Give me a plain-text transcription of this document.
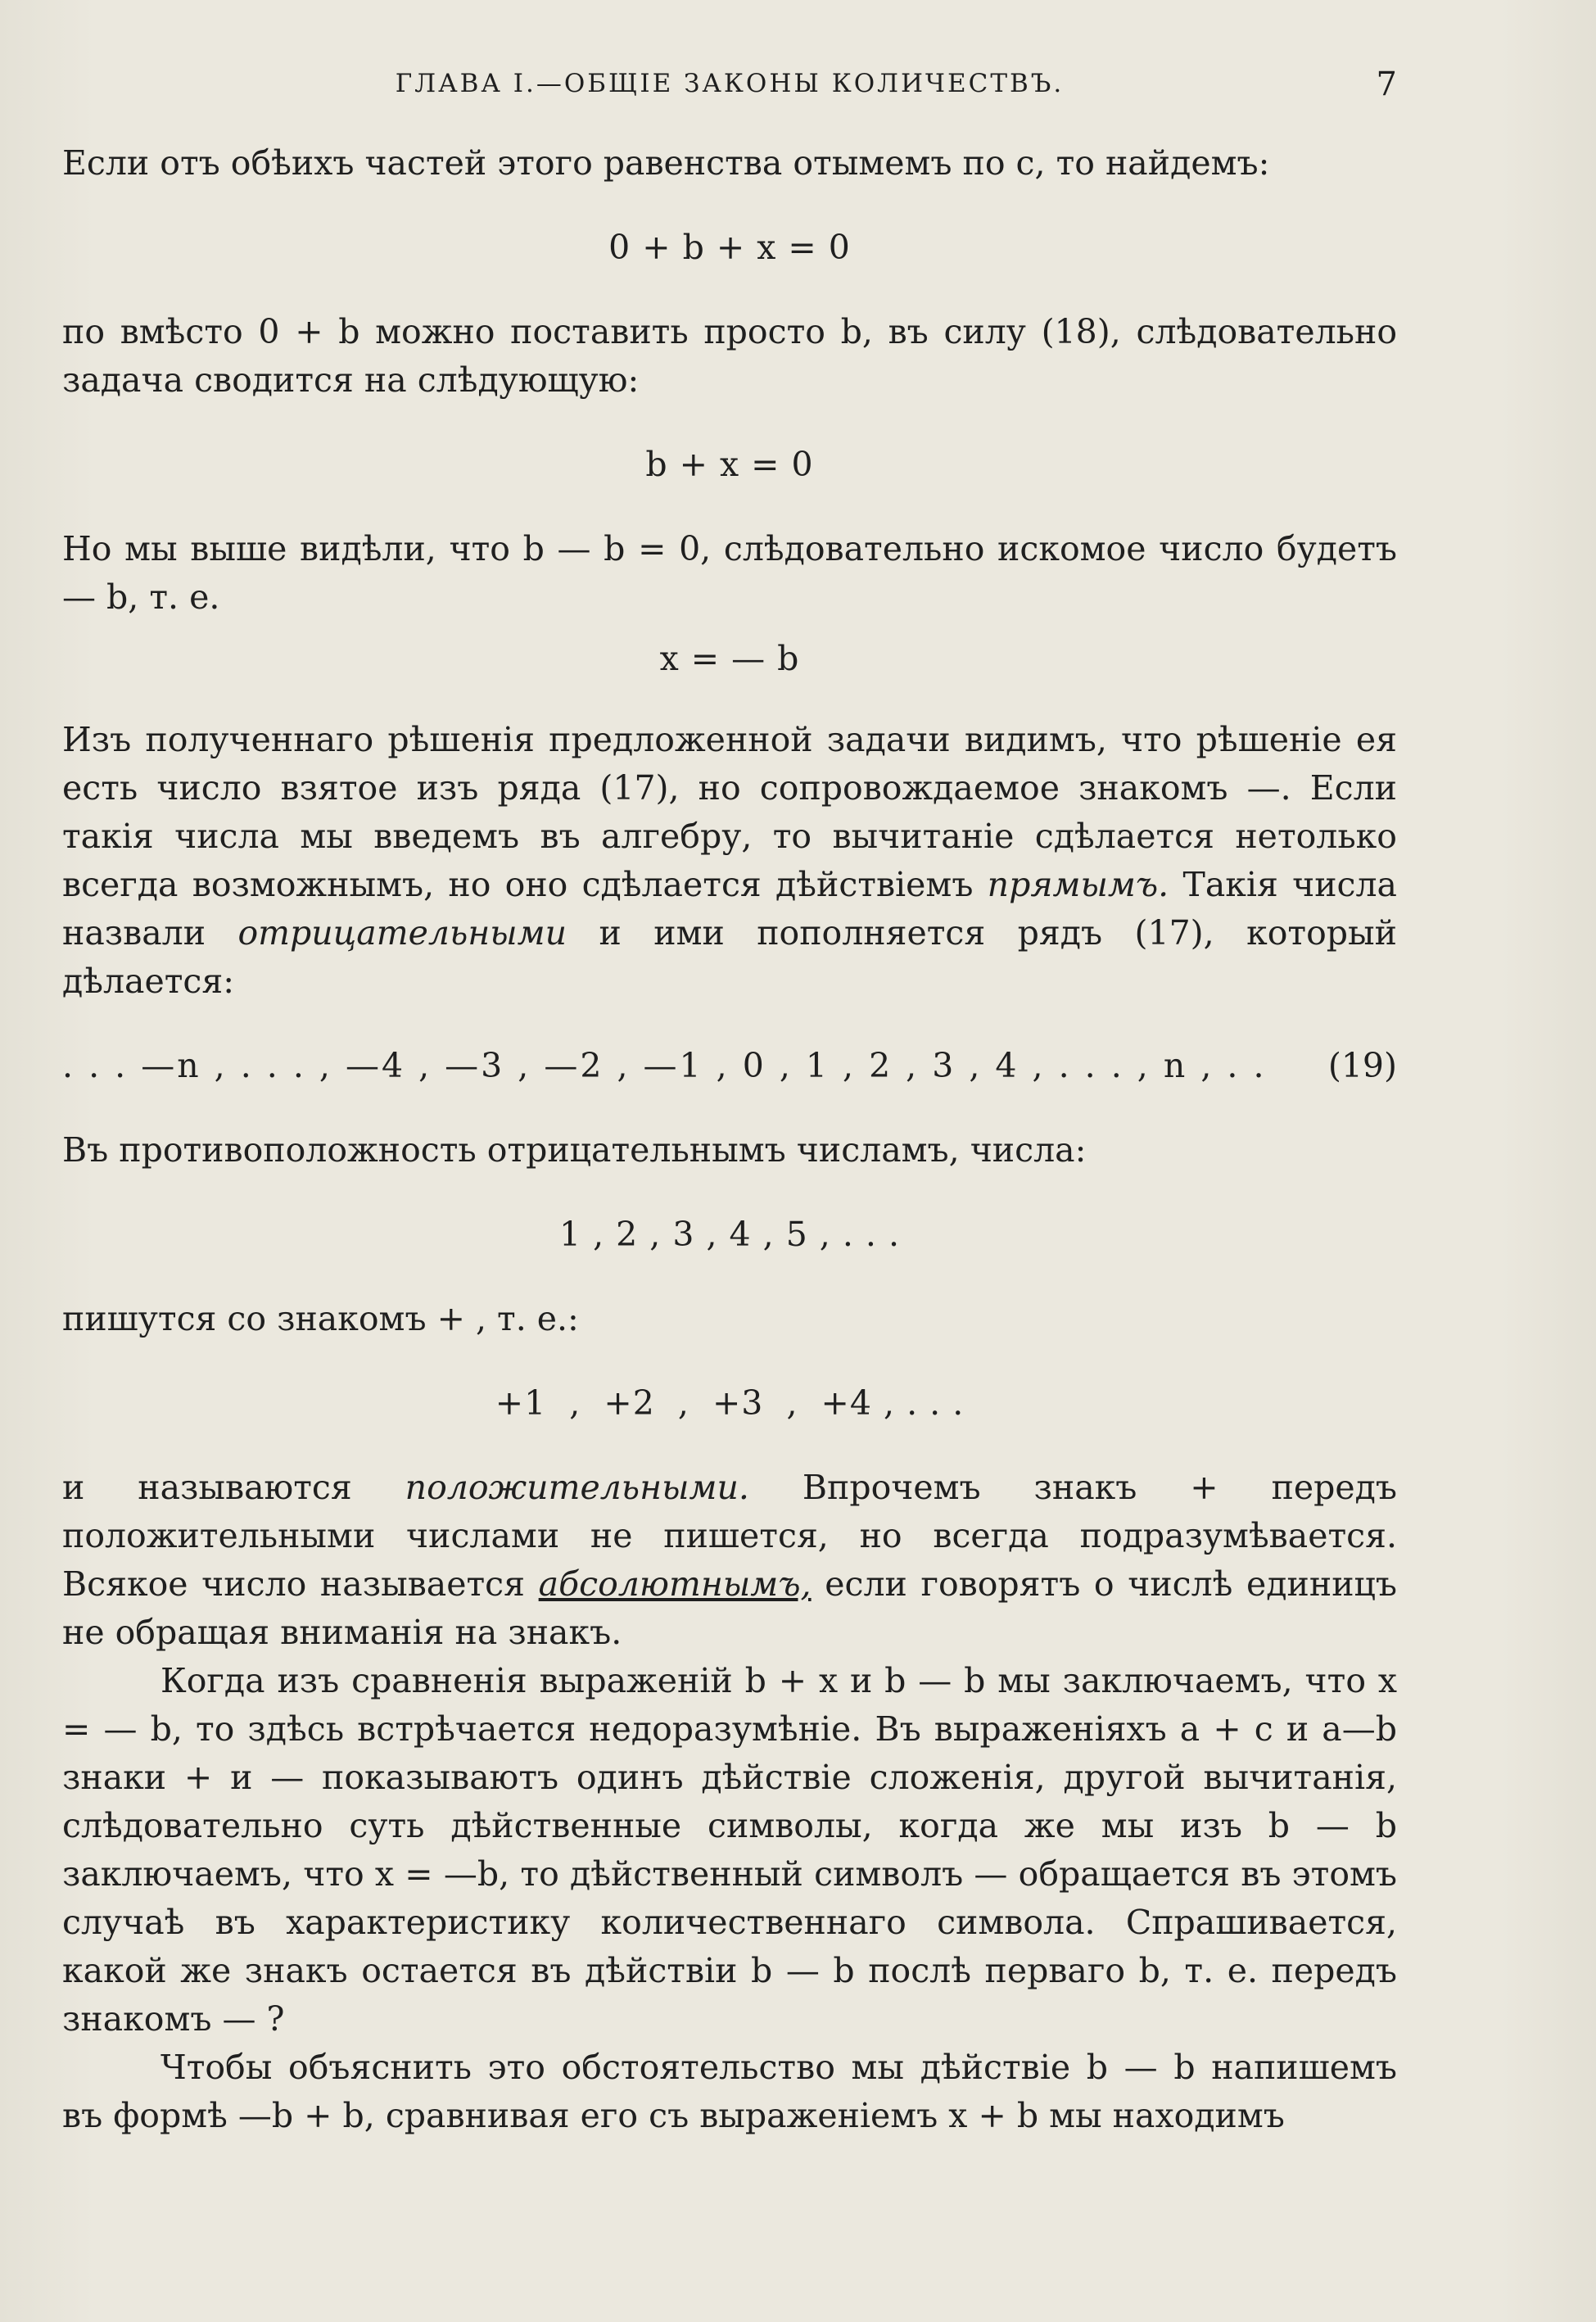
ГЛАВА I.—ОБЩІЕ ЗАКОНЫ КОЛИЧЕСТВЪ.	7

Если отъ обѣихъ частей этого равенства отымемъ по c, то найдемъ:

0 + b + x = 0

по вмѣсто 0 + b можно поставить просто b, въ силу (18), слѣдовательно задача сводится на слѣдующую:

b + x = 0

Но мы выше видѣли, что b — b = 0, слѣдовательно искомое число будетъ — b, т. е.

x = — b

Изъ полученнаго рѣшенія предложенной задачи видимъ, что рѣшеніе ея есть число взятое изъ ряда (17), но сопровождаемое знакомъ —. Если такія числа мы введемъ въ алгебру, то вычитаніе сдѣлается нетолько всегда возможнымъ, но оно сдѣлается дѣйствіемъ прямымъ. Такія числа назвали отрицательными и ими пополняется рядъ (17), который дѣлается:

. . . —n , . . . , —4 , —3 , —2 , —1 , 0 , 1 , 2 , 3 , 4 , . . . , n , . . (19)

Въ противоположность отрицательнымъ числамъ, числа:

1 , 2 , 3 , 4 , 5 , . . .

пишутся со знакомъ + , т. е.:

+1  ,  +2  ,  +3  ,  +4 , . . .

и называются положительными. Впрочемъ знакъ + передъ положительными числами не пишется, но всегда подразумѣвается. Всякое число называется абсолютнымъ, если говорятъ о числѣ единицъ не обращая вниманія на знакъ.

Когда изъ сравненія выраженій b + x и b — b мы заключаемъ, что x = — b, то здѣсь встрѣчается недоразумѣніе. Въ выраженіяхъ a + c и a—b знаки + и — показываютъ одинъ дѣйствіе сложенія, другой вычитанія, слѣдовательно суть дѣйственные символы, когда же мы изъ b — b заключаемъ, что x = —b, то дѣйственный символъ — обращается въ этомъ случаѣ въ характеристику количественнаго символа. Спрашивается, какой же знакъ остается въ дѣйствіи b — b послѣ перваго b, т. е. передъ знакомъ — ?

Чтобы объяснить это обстоятельство мы дѣйствіе b — b напишемъ въ формѣ —b + b, сравнивая его съ выраженіемъ x + b мы находимъ
